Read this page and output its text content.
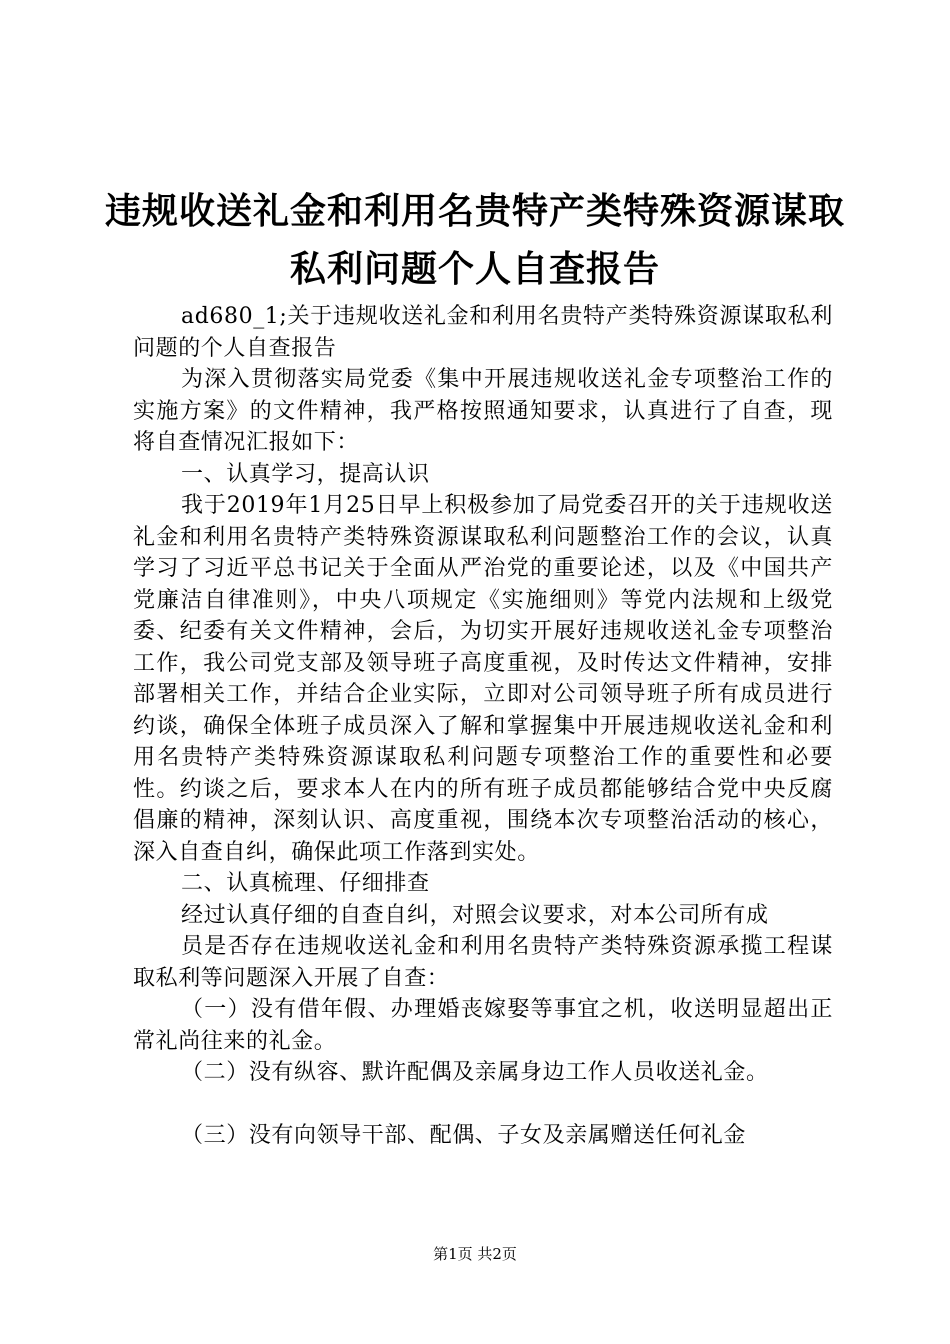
违规收送礼金和利用名贵特产类特殊资源谋取
私利问题个人自查报告

ad680_1;关于违规收送礼金和利用名贵特产类特殊资源谋取私利问题的个人自查报告

为深入贯彻落实局党委《集中开展违规收送礼金专项整治工作的实施方案》的文件精神，我严格按照通知要求，认真进行了自查，现将自查情况汇报如下：

一、认真学习，提高认识

我于2019年1月25日早上积极参加了局党委召开的关于违规收送礼金和利用名贵特产类特殊资源谋取私利问题整治工作的会议，认真学习了习近平总书记关于全面从严治党的重要论述，以及《中国共产党廉洁自律准则》，中央八项规定《实施细则》等党内法规和上级党委、纪委有关文件精神，会后，为切实开展好违规收送礼金专项整治工作，我公司党支部及领导班子高度重视，及时传达文件精神，安排部署相关工作，并结合企业实际，立即对公司领导班子所有成员进行约谈，确保全体班子成员深入了解和掌握集中开展违规收送礼金和利用名贵特产类特殊资源谋取私利问题专项整治工作的重要性和必要性。约谈之后，要求本人在内的所有班子成员都能够结合党中央反腐倡廉的精神，深刻认识、高度重视，围绕本次专项整治活动的核心，深入自查自纠，确保此项工作落到实处。

二、认真梳理、仔细排查

经过认真仔细的自查自纠，对照会议要求，对本公司所有成

员是否存在违规收送礼金和利用名贵特产类特殊资源承揽工程谋取私利等问题深入开展了自查：

（一）没有借年假、办理婚丧嫁娶等事宜之机，收送明显超出正常礼尚往来的礼金。

（二）没有纵容、默许配偶及亲属身边工作人员收送礼金。

（三）没有向领导干部、配偶、子女及亲属赠送任何礼金

第1页 共2页
